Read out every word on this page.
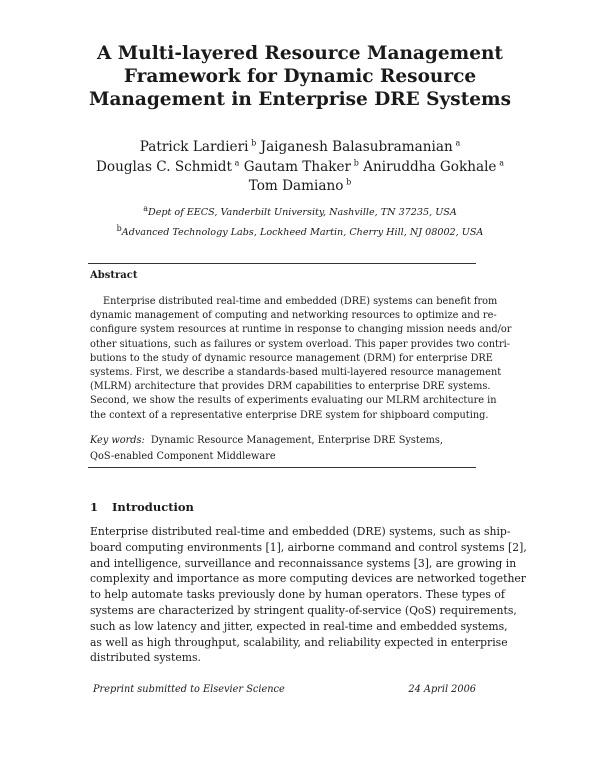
A Multi-layered Resource Management
Framework for Dynamic Resource
Management in Enterprise DRE Systems
Patrick Lardieri  $^b$ Jaiganesh Balasubramanian  $^a$
Douglas C. Schmidt  $^a$ Gautam Thaker  $^b$ Aniruddha Gokhale  $^a$
Tom Damiano  $^b$
$^a$Dept of EECS, Vanderbilt University, Nashville, TN 37235, USA
$^b$Advanced Technology Labs, Lockheed Martin, Cherry Hill, NJ 08002, USA
Abstract
Enterprise distributed real-time and embedded (DRE) systems can benefit from
dynamic management of computing and networking resources to optimize and re-
configure system resources at runtime in response to changing mission needs and/or
other situations, such as failures or system overload. This paper provides two contri-
butions to the study of dynamic resource management (DRM) for enterprise DRE
systems. First, we describe a standards-based multi-layered resource management
(MLRM) architecture that provides DRM capabilities to enterprise DRE systems.
Second, we show the results of experiments evaluating our MLRM architecture in
the context of a representative enterprise DRE system for shipboard computing.
Key words: Dynamic Resource Management, Enterprise DRE Systems,
QoS-enabled Component Middleware
1 Introduction
Enterprise distributed real-time and embedded (DRE) systems, such as ship-
board computing environments [1], airborne command and control systems [2],
and intelligence, surveillance and reconnaissance systems [3], are growing in
complexity and importance as more computing devices are networked together
to help automate tasks previously done by human operators. These types of
systems are characterized by stringent quality-of-service (QoS) requirements,
such as low latency and jitter, expected in real-time and embedded systems,
as well as high throughput, scalability, and reliability expected in enterprise
distributed systems.
Preprint submitted to Elsevier Science	24 April 2006
